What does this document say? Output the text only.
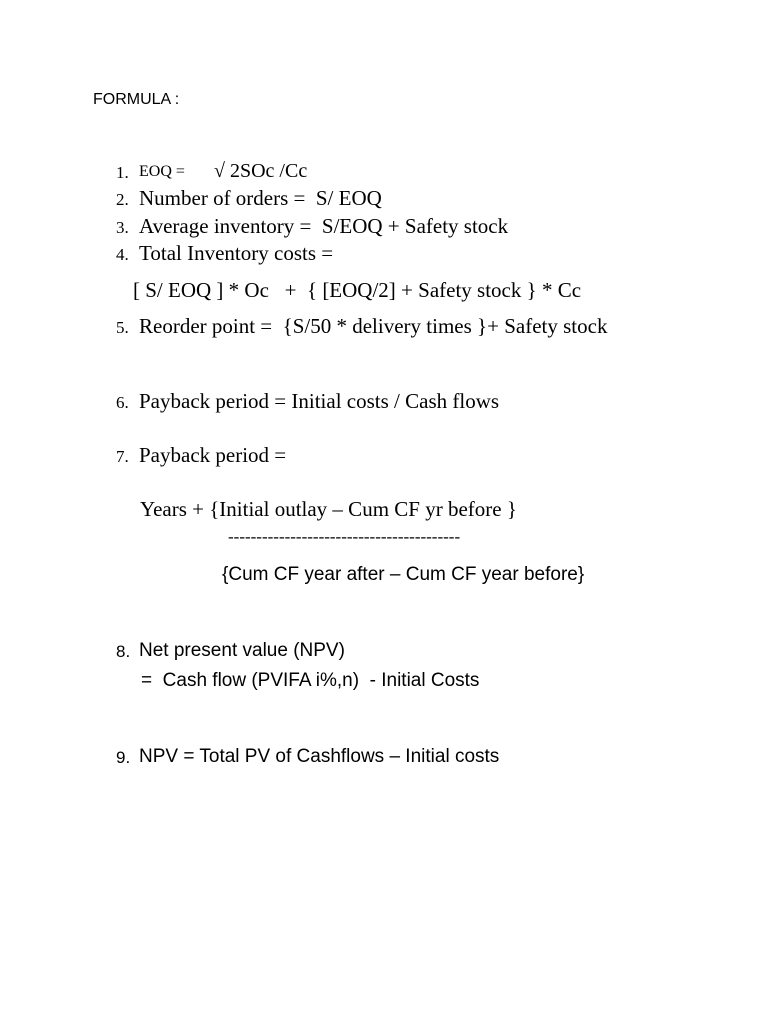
FORMULA :
1. EOQ = √ 2SOc /Cc
2. Number of orders =  S/ EOQ
3. Average inventory =  S/EOQ + Safety stock
4. Total Inventory costs =
[ S/ EOQ ] * Oc   +  { [EOQ/2] + Safety stock } * Cc
5. Reorder point =  {S/50 * delivery times }+ Safety stock
6. Payback period = Initial costs / Cash flows
7. Payback period =
Years + {Initial outlay – Cum CF yr before }
-----------------------------------------
{Cum CF year after – Cum CF year before}
8. Net present value (NPV)
=  Cash flow (PVIFA i%,n)  - Initial Costs
9. NPV = Total PV of Cashflows – Initial costs
